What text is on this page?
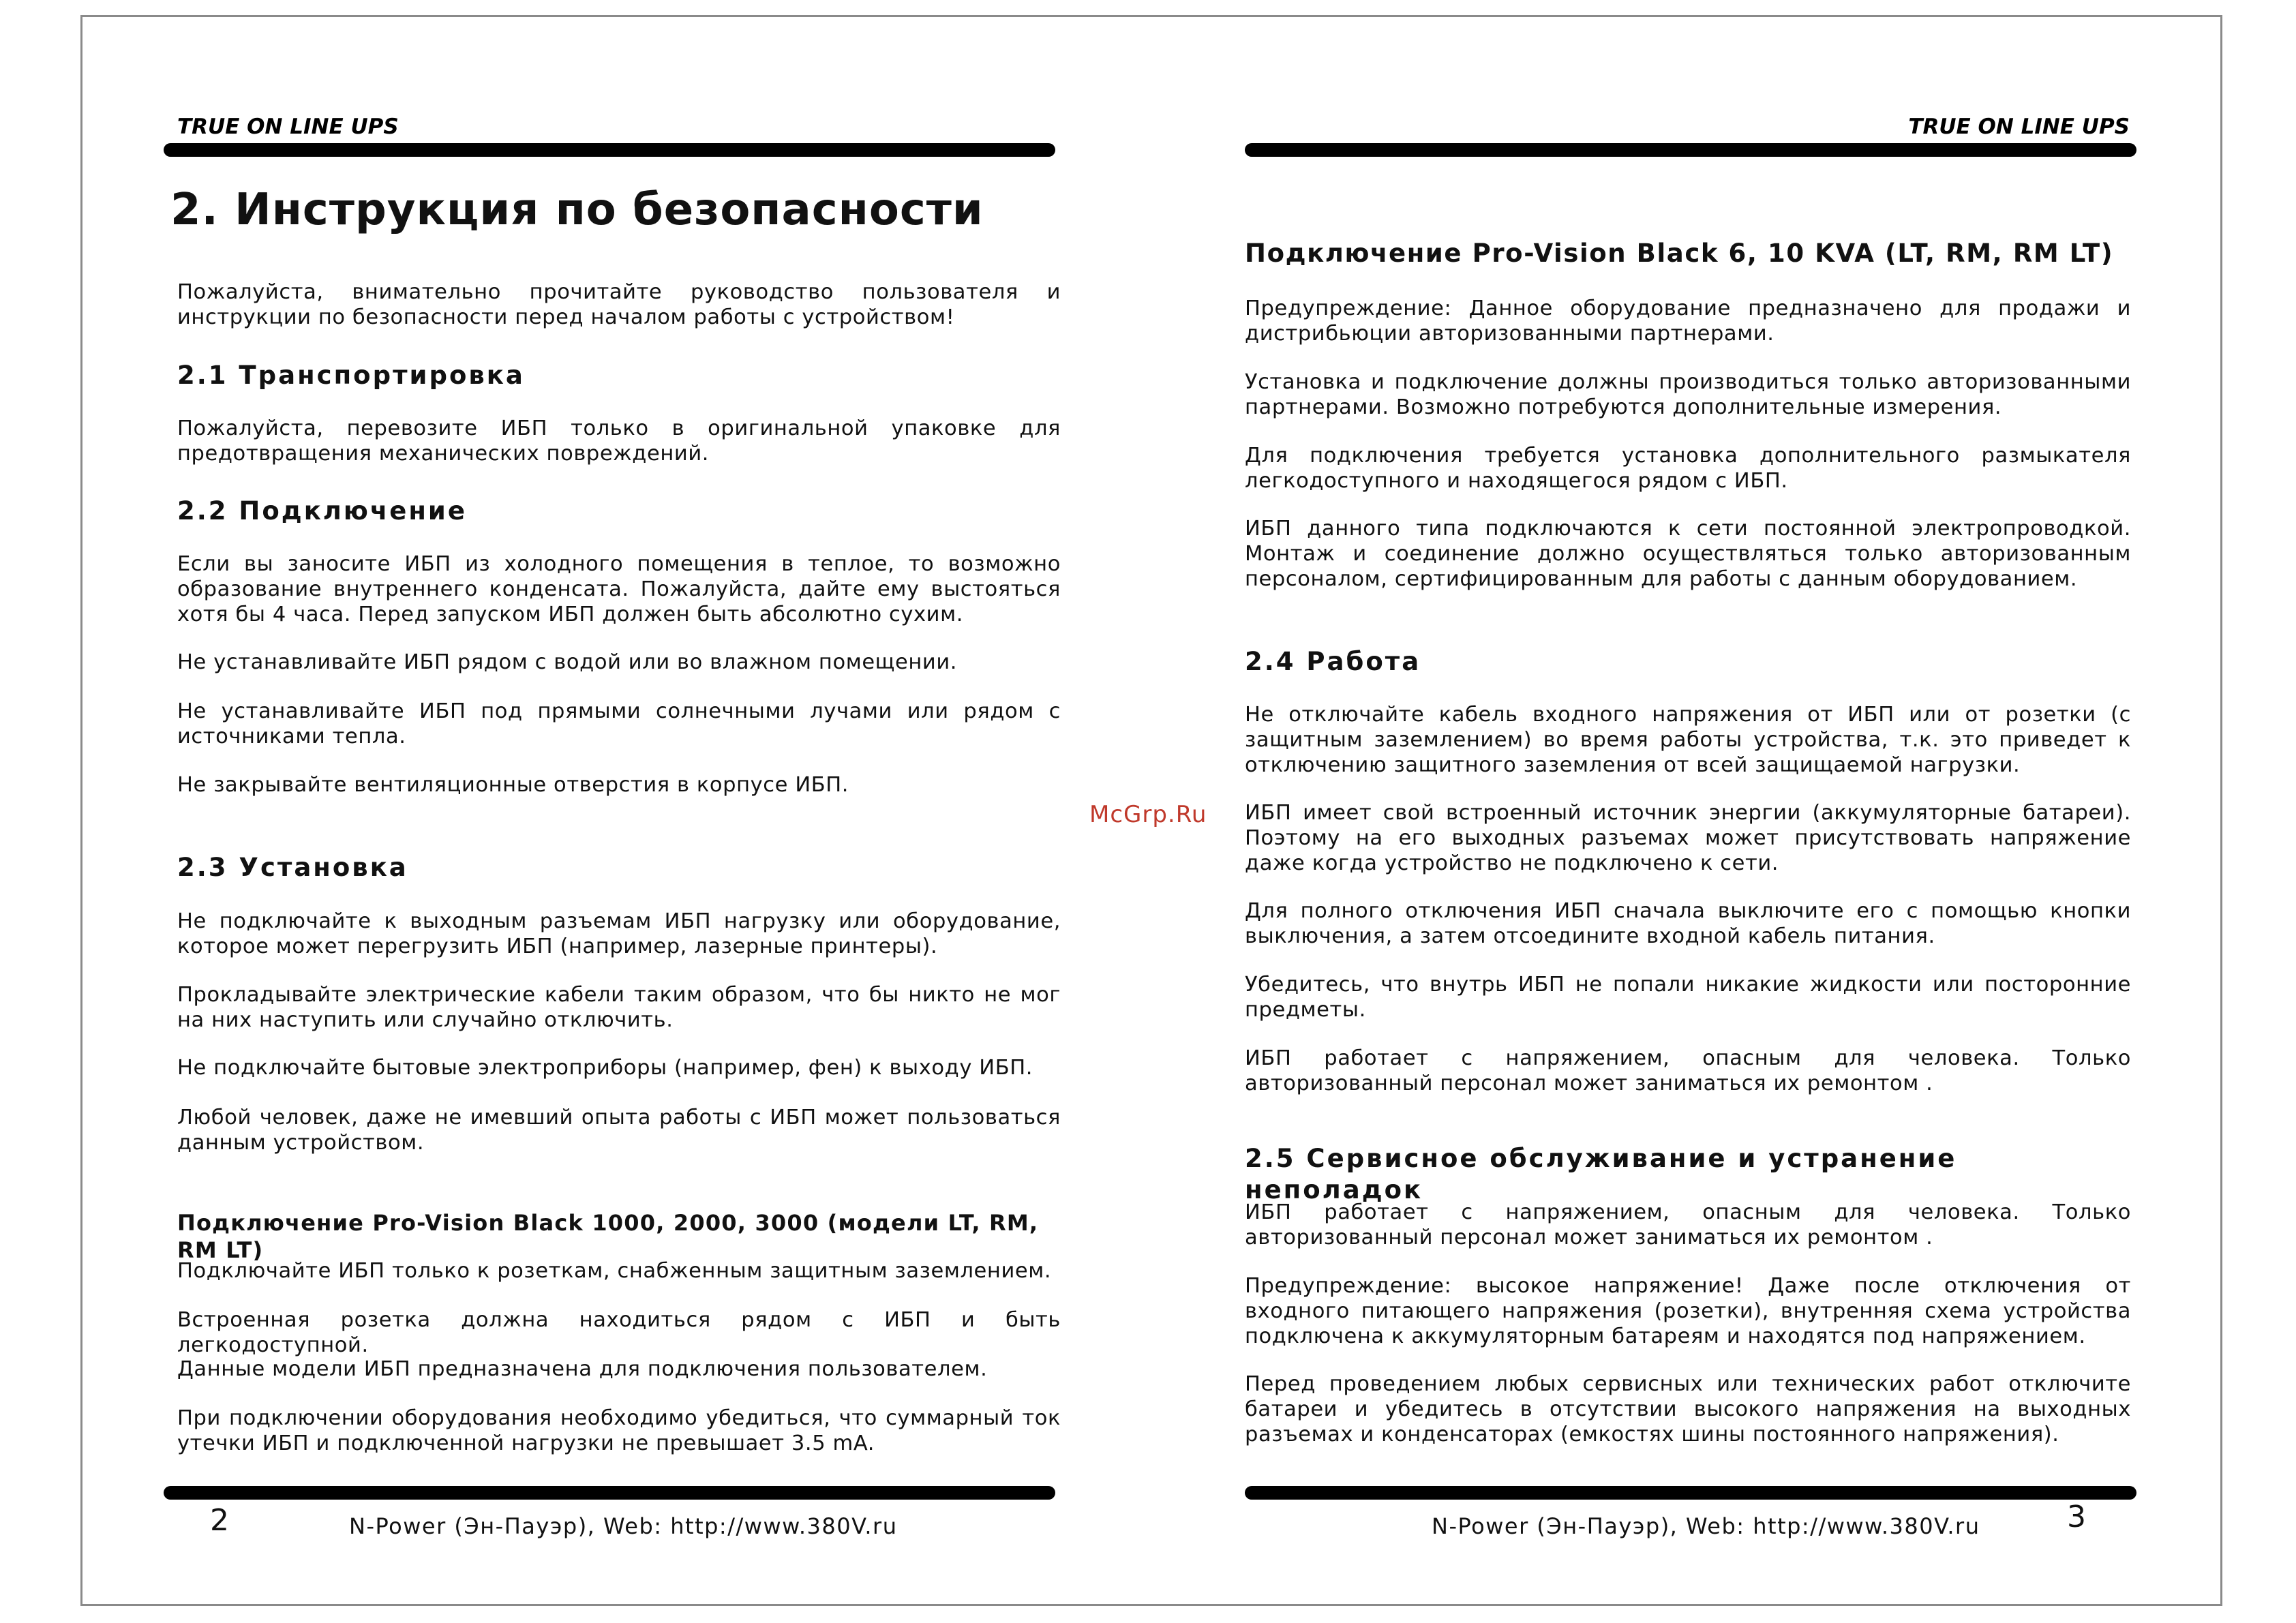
TRUE ON LINE UPS	TRUE ON LINE UPS
2. Инструкция по безопасности
Пожалуйста, внимательно прочитайте руководство пользователя и инструкции по безопасности перед началом работы с устройством!
2.1 Транспортировка
Пожалуйста, перевозите ИБП только в оригинальной упаковке для предотвращения механических повреждений.
2.2 Подключение
Если вы заносите ИБП из холодного помещения в теплое, то возможно образование внутреннего конденсата. Пожалуйста, дайте ему выстояться хотя бы 4 часа. Перед запуском ИБП должен быть абсолютно сухим.
Не устанавливайте ИБП рядом с водой или во влажном помещении.
Не устанавливайте ИБП под прямыми солнечными лучами или рядом с источниками тепла.
Не закрывайте вентиляционные отверстия в корпусе ИБП.
2.3 Установка
Не подключайте к выходным разъемам ИБП нагрузку или оборудование, которое может перегрузить ИБП (например, лазерные принтеры).
Прокладывайте электрические кабели таким образом, что бы никто не мог на них наступить или случайно отключить.
Не подключайте бытовые электроприборы (например, фен) к выходу ИБП.
Любой человек, даже не имевший опыта работы с ИБП может пользоваться данным устройством.
Подключение Pro-Vision Black 1000, 2000, 3000 (модели LT, RM, RM LT)
Подключайте ИБП только к розеткам, снабженным защитным заземлением.
Встроенная розетка должна находиться рядом с ИБП и быть легкодоступной.
Данные модели ИБП предназначена для подключения пользователем.
При подключении оборудования необходимо убедиться, что суммарный ток утечки ИБП и подключенной нагрузки не превышает 3.5 mA.
2	N-Power (Эн-Пауэр), Web: http://www.380V.ru
McGrp.Ru
Подключение Pro-Vision Black 6, 10 KVA (LT, RM, RM LT)
Предупреждение: Данное оборудование предназначено для продажи и дистрибьюции авторизованными партнерами.
Установка и подключение должны производиться только авторизованными партнерами. Возможно потребуются дополнительные измерения.
Для подключения требуется установка дополнительного размыкателя легкодоступного и находящегося рядом с ИБП.
ИБП данного типа подключаются к сети постоянной электропроводкой. Монтаж и соединение должно осуществляться только авторизованным персоналом, сертифицированным для работы с данным оборудованием.
2.4 Работа
Не отключайте кабель входного напряжения от ИБП или от розетки (с защитным заземлением) во время работы устройства, т.к. это приведет к отключению защитного заземления от всей защищаемой нагрузки.
ИБП имеет свой встроенный источник энергии (аккумуляторные батареи). Поэтому на его выходных разъемах может присутствовать напряжение даже когда устройство не подключено к сети.
Для полного отключения ИБП сначала выключите его с помощью кнопки выключения, а затем отсоедините входной кабель питания.
Убедитесь, что внутрь ИБП не попали никакие жидкости или посторонние предметы.
ИБП работает с напряжением, опасным для человека. Только авторизованный персонал может заниматься их ремонтом .
2.5 Сервисное обслуживание и устранение неполадок
ИБП работает с напряжением, опасным для человека. Только авторизованный персонал может заниматься их ремонтом .
Предупреждение: высокое напряжение! Даже после отключения от входного питающего напряжения (розетки), внутренняя схема устройства подключена к аккумуляторным батареям и находятся под напряжением.
Перед проведением любых сервисных или технических работ отключите батареи и убедитесь в отсутствии высокого напряжения на выходных разъемах и конденсаторах (емкостях шины постоянного напряжения).
N-Power (Эн-Пауэр), Web: http://www.380V.ru	3
